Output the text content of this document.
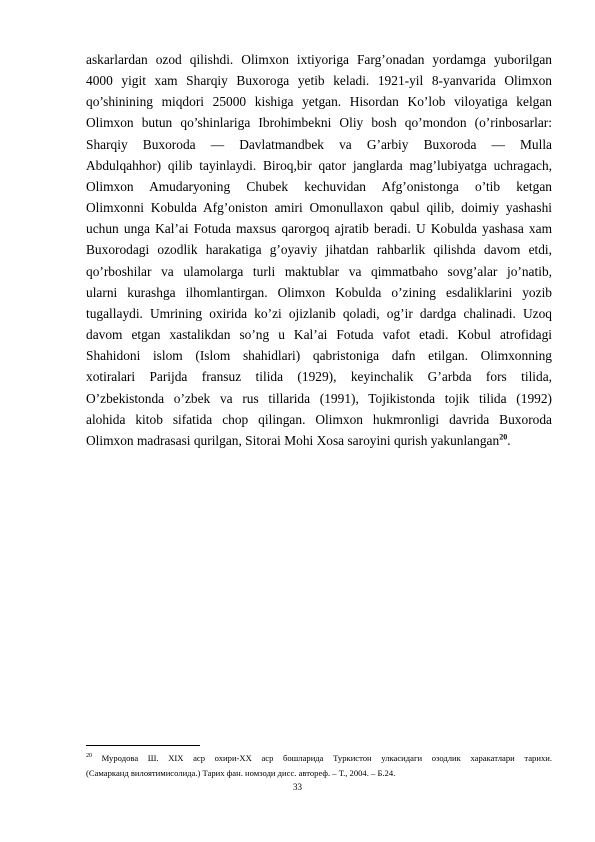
askarlardan ozod qilishdi. Olimxon ixtiyoriga Farg’onadan yordamga yuborilgan
4000 yigit xam Sharqiy Buxoroga yetib keladi. 1921-yil 8-yanvarida Olimxon
qo’shinining miqdori 25000 kishiga yetgan. Hisordan Ko’lob viloyatiga kelgan
Olimxon butun qo’shinlariga Ibrohimbekni Oliy bosh qo’mondon (o’rinbosarlar:
Sharqiy Buxoroda — Davlatmandbek va G’arbiy Buxoroda — Mulla
Abdulqahhor) qilib tayinlaydi. Biroq,bir qator janglarda mag’lubiyatga uchragach,
Olimxon Amudaryoning Chubek kechuvidan Afg’onistonga o’tib ketgan
Olimxonni Kobulda Afg’oniston amiri Omonullaxon qabul qilib, doimiy yashashi
uchun unga Kal’ai Fotuda maxsus qarorgoq ajratib beradi. U Kobulda yashasa xam
Buxorodagi ozodlik harakatiga g’oyaviy jihatdan rahbarlik qilishda davom etdi,
qo’rboshilar va ulamolarga turli maktublar va qimmatbaho sovg’alar jo’natib,
ularni kurashga ilhomlantirgan. Olimxon Kobulda o’zining esdaliklarini yozib
tugallaydi. Umrining oxirida ko’zi ojizlanib qoladi, og’ir dardga chalinadi. Uzoq
davom etgan xastalikdan so’ng u Kal’ai Fotuda vafot etadi. Kobul atrofidagi
Shahidoni islom (Islom shahidlari) qabristoniga dafn etilgan. Olimxonning
xotiralari Parijda fransuz tilida (1929), keyinchalik G’arbda fors tilida,
O’zbekistonda o’zbek va rus tillarida (1991), Tojikistonda tojik tilida (1992)
alohida kitob sifatida chop qilingan. Olimxon hukmronligi davrida Buxoroda
Olimxon madrasasi qurilgan, Sitorai Mohi Xosa saroyini qurish yakunlangan$^{20}$.
$^{20}$ Муродова Ш. XIX аср охири-XX аср бошларида Туркистон улкасидаги озодлик харакатлари тарихи.
(Самарканд вилоятимисолида.) Тарих фан. номзоди дисс. автореф. – Т., 2004. – Б.24.
33
